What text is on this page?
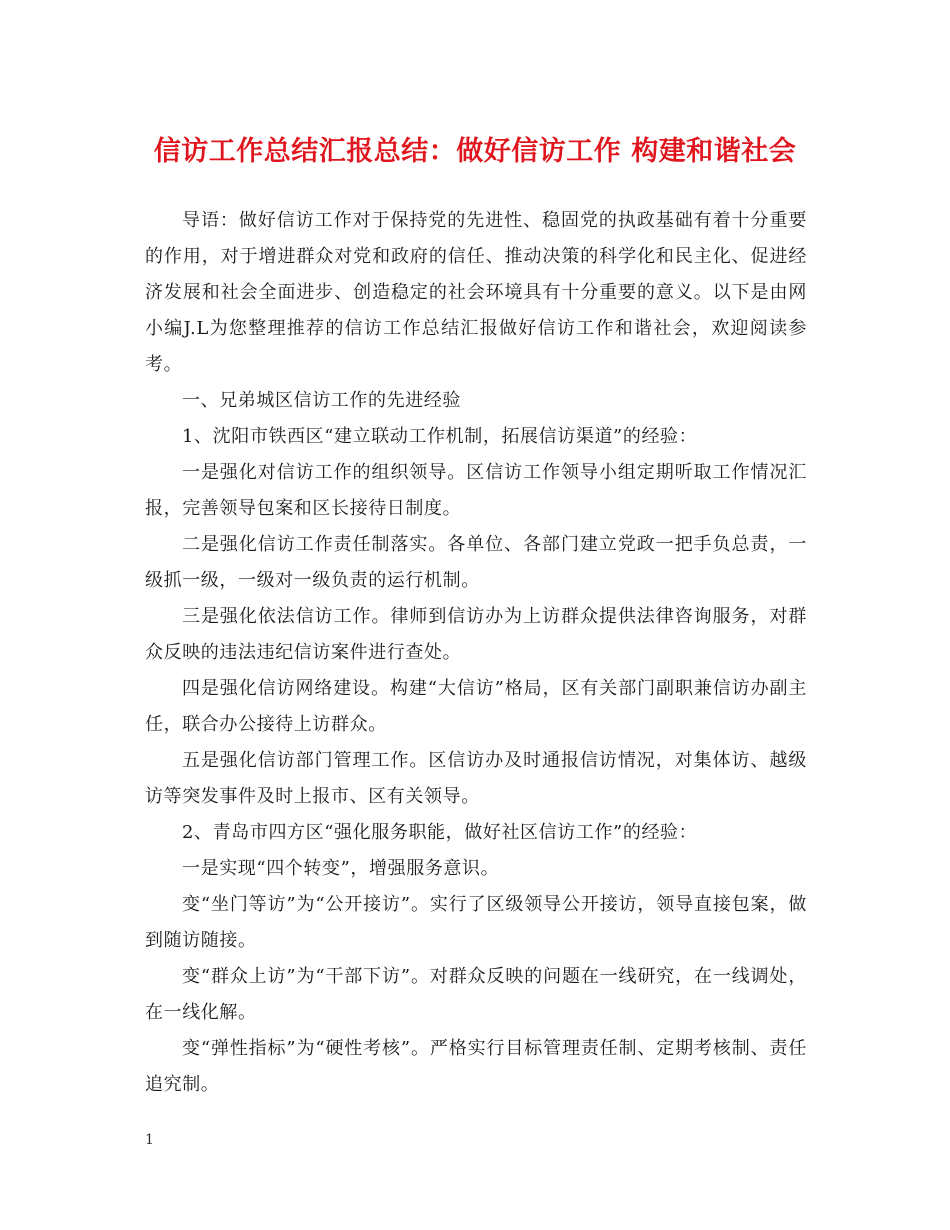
信访工作总结汇报总结：做好信访工作 构建和谐社会

导语：做好信访工作对于保持党的先进性、稳固党的执政基础有着十分重要的作用，对于增进群众对党和政府的信任、推动决策的科学化和民主化、促进经济发展和社会全面进步、创造稳定的社会环境具有十分重要的意义。以下是由网小编J.L为您整理推荐的信访工作总结汇报做好信访工作和谐社会，欢迎阅读参考。

一、兄弟城区信访工作的先进经验

1、沈阳市铁西区“建立联动工作机制，拓展信访渠道”的经验：

一是强化对信访工作的组织领导。区信访工作领导小组定期听取工作情况汇报，完善领导包案和区长接待日制度。

二是强化信访工作责任制落实。各单位、各部门建立党政一把手负总责，一级抓一级，一级对一级负责的运行机制。

三是强化依法信访工作。律师到信访办为上访群众提供法律咨询服务，对群众反映的违法违纪信访案件进行查处。

四是强化信访网络建设。构建“大信访”格局，区有关部门副职兼信访办副主任，联合办公接待上访群众。

五是强化信访部门管理工作。区信访办及时通报信访情况，对集体访、越级访等突发事件及时上报市、区有关领导。

2、青岛市四方区“强化服务职能，做好社区信访工作”的经验：

一是实现“四个转变”，增强服务意识。

变“坐门等访”为“公开接访”。实行了区级领导公开接访，领导直接包案，做到随访随接。

变“群众上访”为“干部下访”。对群众反映的问题在一线研究，在一线调处，在一线化解。

变“弹性指标”为“硬性考核”。严格实行目标管理责任制、定期考核制、责任追究制。

1
